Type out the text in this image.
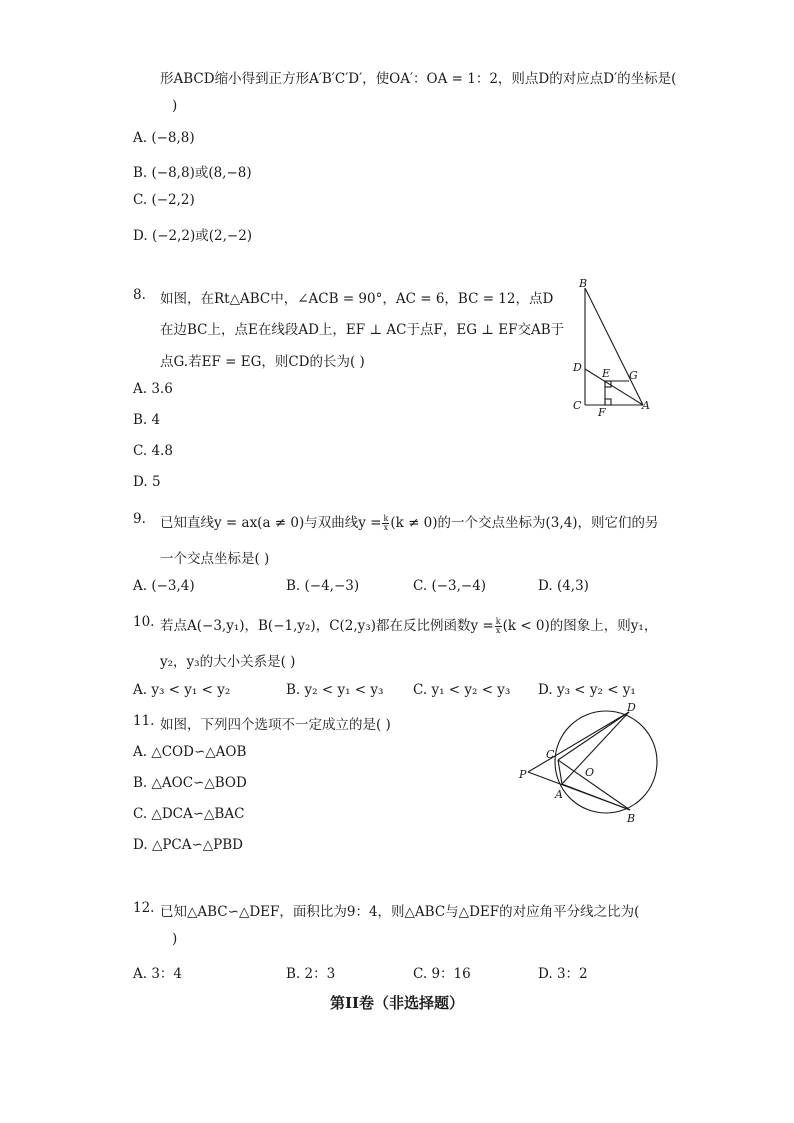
形ABCD缩小得到正方形A′B′C′D′，使OA′：OA = 1：2，则点D的对应点D′的坐标是(
)
A. (−8,8)
B. (−8,8)或(8,−8)
C. (−2,2)
D. (−2,2)或(2,−2)
8. 如图，在Rt△ABC中，∠ACB = 90°，AC = 6，BC = 12，点D
在边BC上，点E在线段AD上，EF ⊥ AC于点F，EG ⊥ EF交AB于
点G.若EF = EG，则CD的长为( )
A. 3.6
B. 4
C. 4.8
D. 5
B
D E G
C
F
A
9. 已知直线y = ax(a ≠ 0)与双曲线$y = \frac{k}{x} (k \ne 0)$的一个交点坐标为(3,4)，则它们的另
一个交点坐标是( )
A. (−3,4)	B. (−4,−3)	C. (−3,−4)	D. (4,3)
10. 若点A(−3,y₁)，B(−1,y₂)，C(2,y₃)都在反比例函数$y = \frac{k}{x} (k < 0)$的图象上，则y₁，
y₂，y₃的大小关系是( )
A. y₃ < y₁ < y₂	B. y₂ < y₁ < y₃ C. y₁ < y₂ < y₃ D. y₃ < y₂ < y₁
11. 如图，下列四个选项不一定成立的是( )
A. △COD∽△AOB
B. △AOC∽△BOD
C. △DCA∽△BAC
D. △PCA∽△PBD
D
C
O
P
A
B
12. 已知△ABC∽△DEF，面积比为9：4，则△ABC与△DEF的对应角平分线之比为(
)
A. 3：4	B. 2：3	C. 9：16	D. 3：2
第II卷（非选择题）
